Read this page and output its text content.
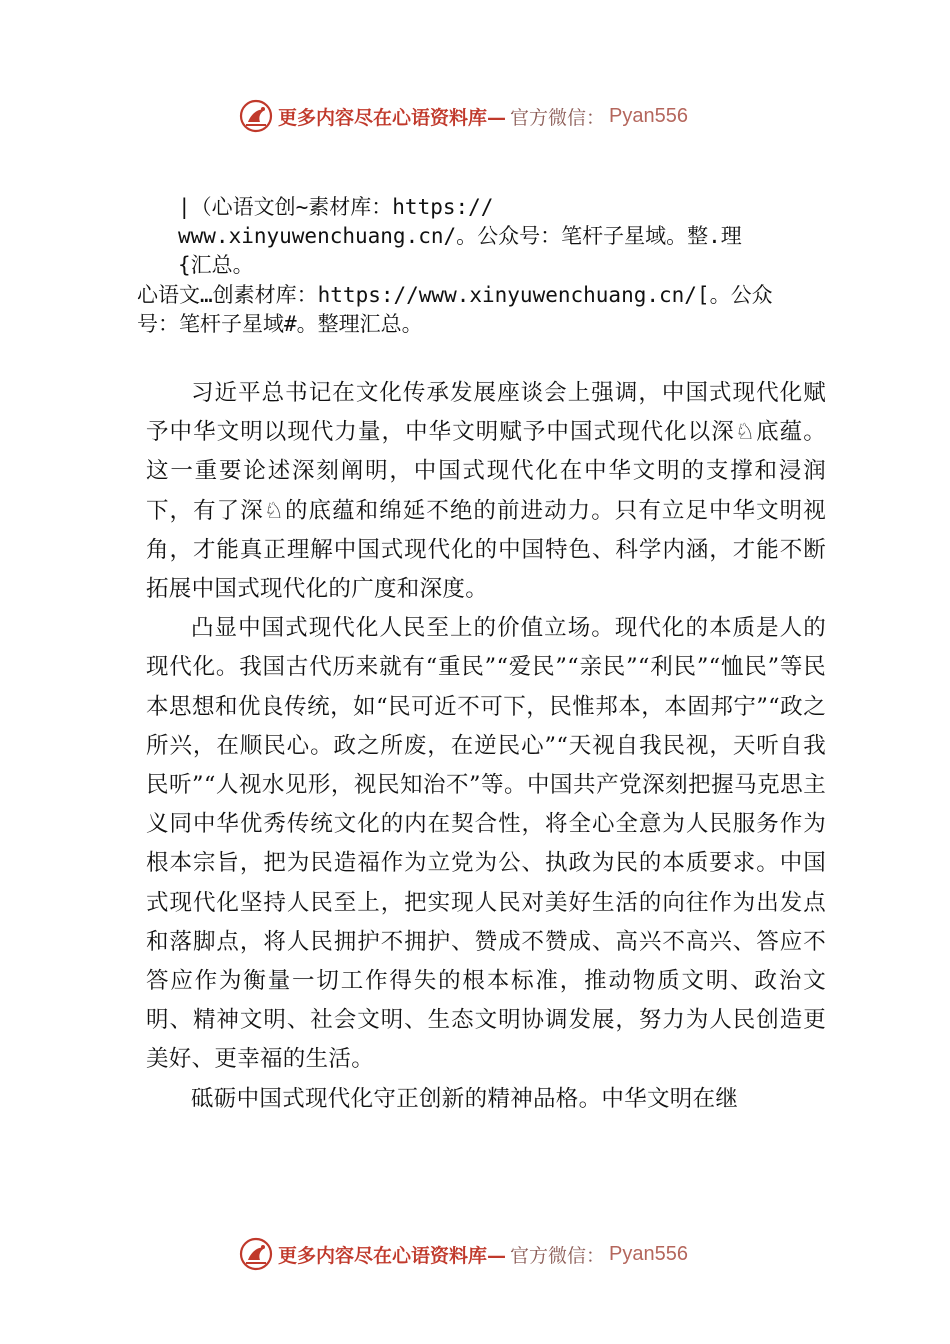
更多内容尽在心语资料库— 官方微信： Pyan556
|（心语文创~素材库：https://
www.xinyuwenchuang.cn/。公众号：笔杆子星域。整.理
{汇总。
心语文…创素材库：https://www.xinyuwenchuang.cn/[。公众
号：笔杆子星域#。整理汇总。

习近平总书记在文化传承发展座谈会上强调，中国式现代化赋予中华文明以现代力量，中华文明赋予中国式现代化以深♘底蕴。这一重要论述深刻阐明，中国式现代化在中华文明的支撑和浸润下，有了深♘的底蕴和绵延不绝的前进动力。只有立足中华文明视角，才能真正理解中国式现代化的中国特色、科学内涵，才能不断拓展中国式现代化的广度和深度。

凸显中国式现代化人民至上的价值立场。现代化的本质是人的现代化。我国古代历来就有“重民”“爱民”“亲民”“利民”“恤民”等民本思想和优良传统，如“民可近不可下，民惟邦本，本固邦宁”“政之所兴，在顺民心。政之所废，在逆民心”“天视自我民视，天听自我民听”“人视水见形，视民知治不”等。中国共产党深刻把握马克思主义同中华优秀传统文化的内在契合性，将全心全意为人民服务作为根本宗旨，把为民造福作为立党为公、执政为民的本质要求。中国式现代化坚持人民至上，把实现人民对美好生活的向往作为出发点和落脚点，将人民拥护不拥护、赞成不赞成、高兴不高兴、答应不答应作为衡量一切工作得失的根本标准，推动物质文明、政治文明、精神文明、社会文明、生态文明协调发展，努力为人民创造更美好、更幸福的生活。

砥砺中国式现代化守正创新的精神品格。中华文明在继

更多内容尽在心语资料库— 官方微信： Pyan556
